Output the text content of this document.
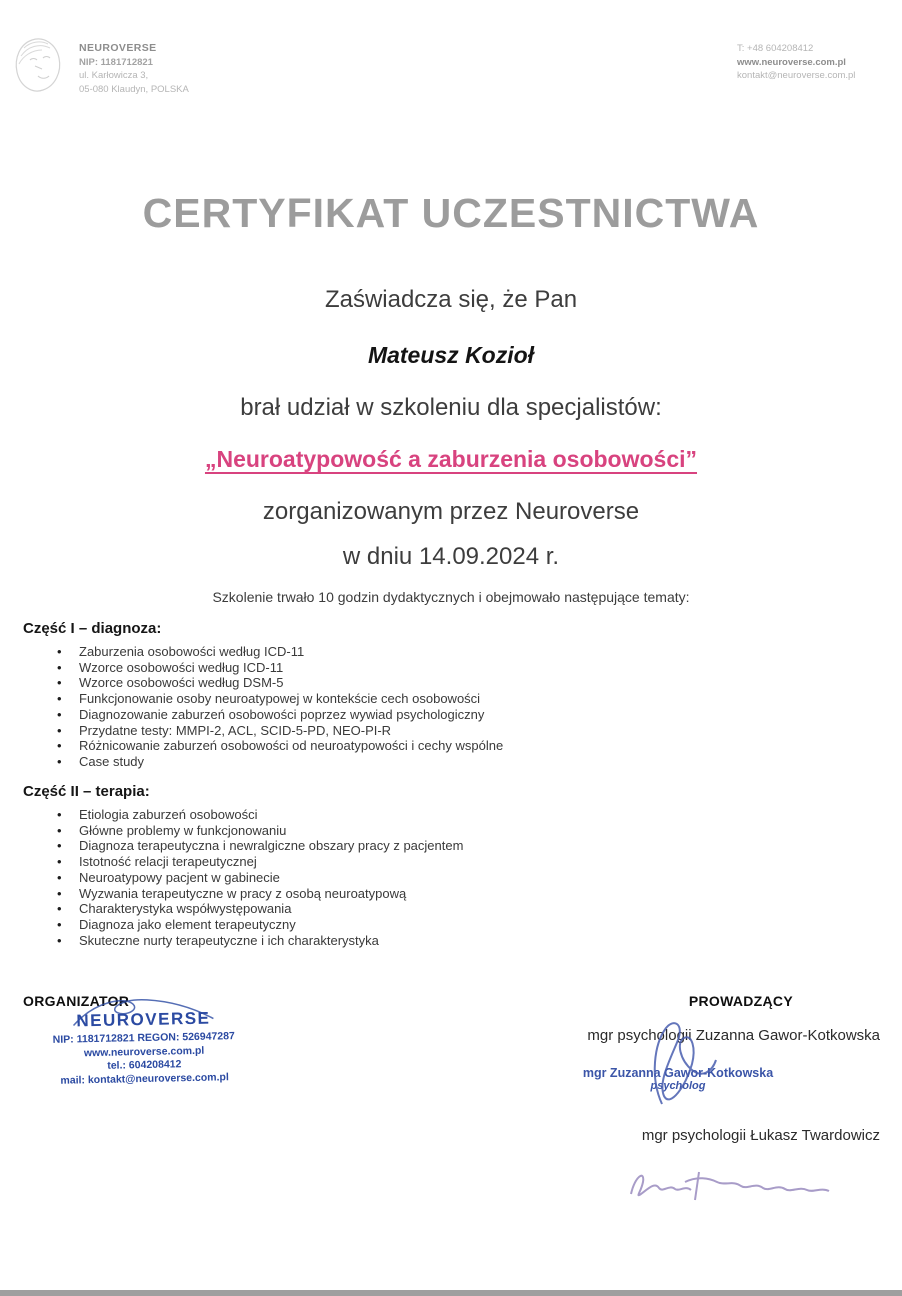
NEUROVERSE
NIP: 1181712821
ul. Karłowicza 3,
05-080 Klaudyn, POLSKA
T: +48 604208412
www.neuroverse.com.pl
kontakt@neuroverse.com.pl
CERTYFIKAT UCZESTNICTWA
Zaświadcza się, że Pan
Mateusz Kozioł
brał udział w szkoleniu dla specjalistów:
„Neuroatypowość a zaburzenia osobowości”
zorganizowanym przez Neuroverse
w dniu 14.09.2024 r.
Szkolenie trwało 10 godzin dydaktycznych i obejmowało następujące tematy:
Część I – diagnoza:
• Zaburzenia osobowości według ICD-11
• Wzorce osobowości według ICD-11
• Wzorce osobowości według DSM-5
• Funkcjonowanie osoby neuroatypowej w kontekście cech osobowości
• Diagnozowanie zaburzeń osobowości poprzez wywiad psychologiczny
• Przydatne testy: MMPI-2, ACL, SCID-5-PD, NEO-PI-R
• Różnicowanie zaburzeń osobowości od neuroatypowości i cechy wspólne
• Case study
Część II – terapia:
• Etiologia zaburzeń osobowości
• Główne problemy w funkcjonowaniu
• Diagnoza terapeutyczna i newralgiczne obszary pracy z pacjentem
• Istotność relacji terapeutycznej
• Neuroatypowy pacjent w gabinecie
• Wyzwania terapeutyczne w pracy z osobą neuroatypową
• Charakterystyka współwystępowania
• Diagnoza jako element terapeutyczny
• Skuteczne nurty terapeutyczne i ich charakterystyka
ORGANIZATOR	PROWADZĄCY
NEUROVERSE
NIP: 1181712821 REGON: 526947287
www.neuroverse.com.pl
tel.: 604208412
mail: kontakt@neuroverse.com.pl
mgr psychologii Zuzanna Gawor-Kotkowska
mgr Zuzanna Gawor-Kotkowska
psycholog
mgr psychologii Łukasz Twardowicz
